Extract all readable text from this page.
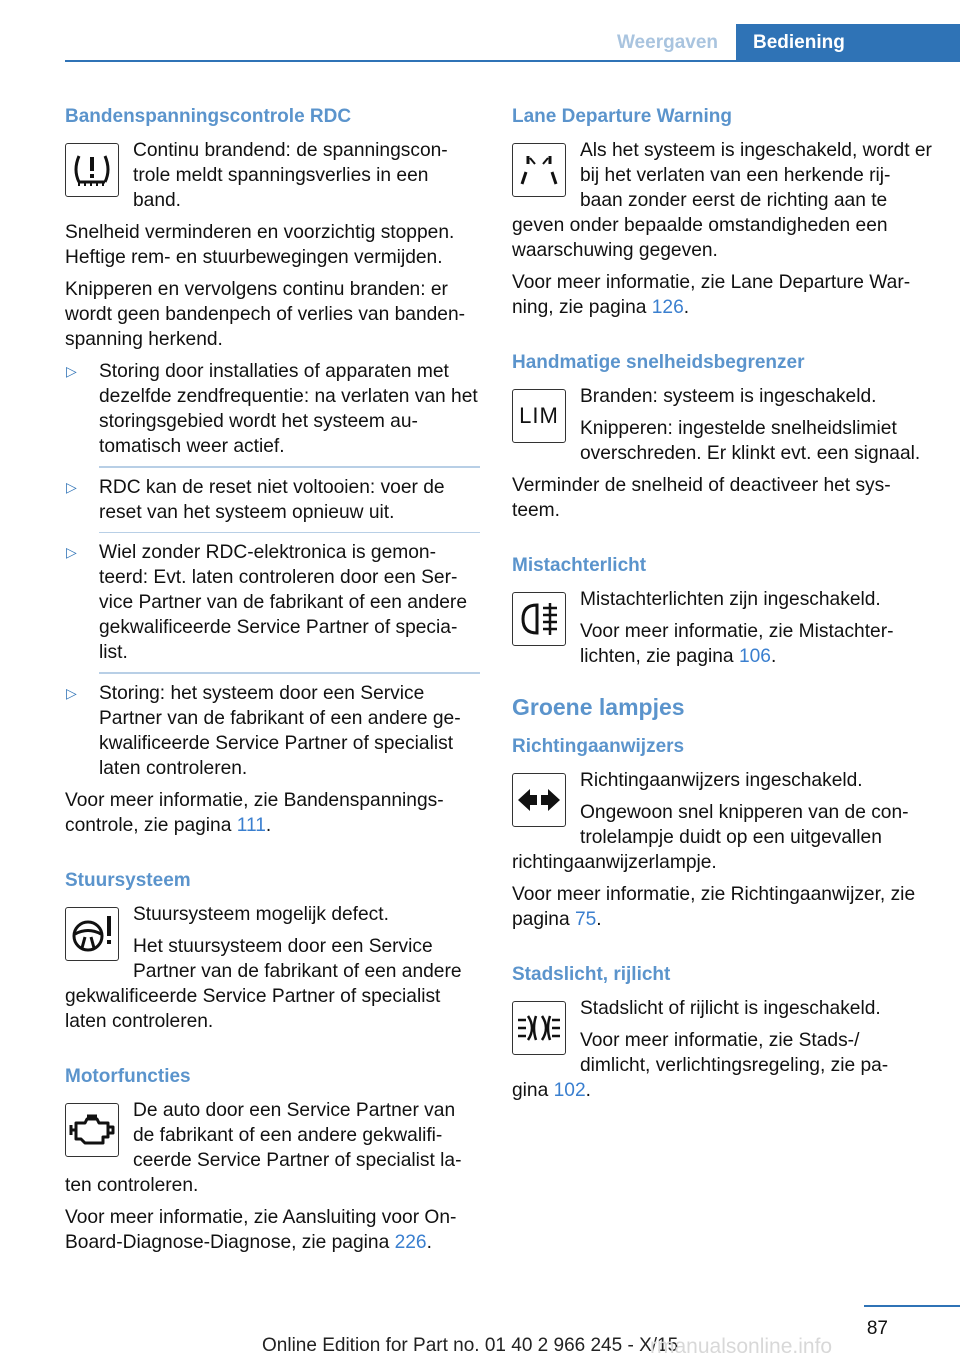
Weergaven Bediening
Bandenspanningscontrole RDC

Continu brandend: de spanningscon-trole meldt spanningsverlies in een band.

Snelheid verminderen en voorzichtig stoppen. Heftige rem- en stuurbewegingen vermijden.

Knipperen en vervolgens continu branden: er wordt geen bandenpech of verlies van banden-spanning herkend.

▷ Storing door installaties of apparaten met dezelfde zendfrequentie: na verlaten van het storingsgebied wordt het systeem au-tomatisch weer actief.
▷ RDC kan de reset niet voltooien: voer de reset van het systeem opnieuw uit.
▷ Wiel zonder RDC-elektronica is gemon-teerd: Evt. laten controleren door een Ser-vice Partner van de fabrikant of een andere gekwalificeerde Service Partner of specia-list.
▷ Storing: het systeem door een Service Partner van de fabrikant of een andere ge-kwalificeerde Service Partner of specialist laten controleren.

Voor meer informatie, zie Bandenspannings-controle, zie pagina 111.

Stuursysteem

Stuursysteem mogelijk defect.

Het stuursysteem door een Service Partner van de fabrikant of een andere

gekwalificeerde Service Partner of specialist laten controleren.

Motorfuncties

De auto door een Service Partner van de fabrikant of een andere gekwalifi-ceerde Service Partner of specialist la-

ten controleren.

Voor meer informatie, zie Aansluiting voor On-Board-Diagnose-Diagnose, zie pagina 226.

Lane Departure Warning

Als het systeem is ingeschakeld, wordt er bij het verlaten van een herkende rij-baan zonder eerst de richting aan te

geven onder bepaalde omstandigheden een waarschuwing gegeven.

Voor meer informatie, zie Lane Departure War-ning, zie pagina 126.

Handmatige snelheidsbegrenzer
LIM

Branden: systeem is ingeschakeld.

Knipperen: ingestelde snelheidslimiet overschreden. Er klinkt evt. een signaal.

Verminder de snelheid of deactiveer het sys-teem.

Mistachterlicht

Mistachterlichten zijn ingeschakeld.

Voor meer informatie, zie Mistachter-lichten, zie pagina 106.

Groene lampjes
Richtingaanwijzers

Richtingaanwijzers ingeschakeld.

Ongewoon snel knipperen van de con-trolelampje duidt op een uitgevallen

richtingaanwijzerlampje.

Voor meer informatie, zie Richtingaanwijzer, zie pagina 75.

Stadslicht, rijlicht

Stadslicht of rijlicht is ingeschakeld.

Voor meer informatie, zie Stads-/ dimlicht, verlichtingsregeling, zie pa-

gina 102.

87
Online Edition for Part no. 01 40 2 966 245 - X/15
rmanualsonline.info
